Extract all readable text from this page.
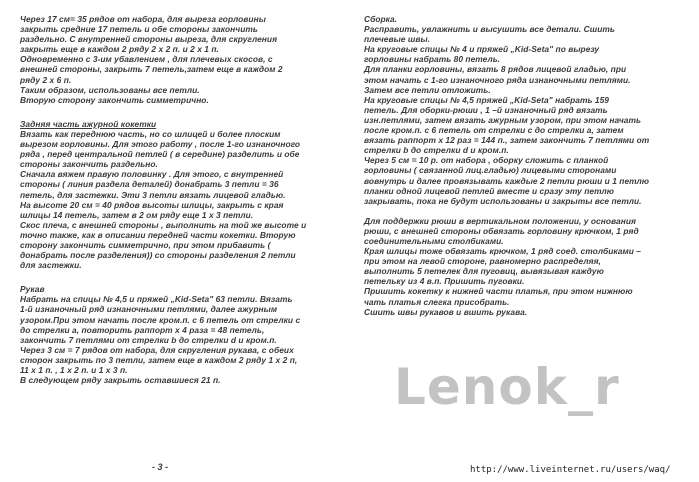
Через 17 см= 35 рядов от набора, для выреза горловины
закрыть средние 17 петель и обе стороны закончить
раздельно. С внутренней стороны выреза, для скругления
закрыть еще в каждом 2 ряду 2 х 2 п. и 2 х 1 п.
Одновременно с 3-им убавлением , для плечевых скосов, с
внешней стороны, закрыть 7 петель,затем еще в каждом 2
ряду 2 х 6 п.
Таким образом, использованы все петли.
Вторую сторону закончить симметрично.
Задняя часть ажурной кокетки
Вязать как переднюю часть, но со шлицей и более плоским
вырезом горловины. Для этого работу , после 1-го изнаночного
ряда , перед центральной петлей ( в середине) разделить и обе
стороны закончить раздельно.
Сначала вяжем правую половинку . Для этого, с внутренней
стороны ( линия раздела деталей) донабрать 3 петли = 36
петель, для застежки. Эти 3 петли вязать лицевой гладью.
На высоте 20 см = 40 рядов высоты шлицы, закрыть с края
шлицы 14 петель, затем в 2 ом ряду еще 1 х 3 петли.
Скос плеча, с внешней стороны , выполнить на той же высоте и
точно также, как в описании передней части кокетки. Вторую
сторону закончить симметрично, при этом прибавить (
донабрать после разделения)) со стороны разделения 2 петли
для застежки.
Рукав
Набрать на спицы № 4,5 и пряжей „Kid-Seta" 63 петли. Вязать
1-й изнаночный ряд изнаночными петлями, далее ажурным
узором.При этом начать после кром.п. с 6 петель от стрелки с
до стрелки а, повторить раппорт х 4 раза = 48 петель,
закончить 7 петлями от стрелки b до стрелки d и кром.п.
Через 3 см = 7 рядов от набора, для скругления рукава, с обеих
сторон закрыть по 3 петли, затем еще в каждом 2 ряду 1 х 2 п,
11 х 1 п. , 1 х 2 п. и 1 х 3 п.
В следующем ряду закрыть оставшиеся 21 п.
Сборка.
Расправить, увлажнить и высушить все детали. Сшить
плечевые швы.
На круговые спицы № 4 и пряжей „Kid-Seta" по вырезу
горловины набрать 80 петель.
Для планки горловины, вязать 8 рядов лицевой гладью, при
этом начать с 1-го изнаночного ряда изнаночными петлями.
Затем все петли отложить.
На круговые спицы № 4,5 пряжей „Kid-Seta" набрать 159
петель. Для оборки-рюши , 1 –й изнаночный ряд вязать
изн.петлями, затем вязать ажурным узором, при этом начать
после кром.п. с 6 петель от стрелки с до стрелки a, затем
вязать раппорт х 12 раз = 144 п., затем закончить 7 петлями от
стрелки b до стрелки d и кром.п.
Через 5 см = 10 р. от набора , оборку сложить с планкой
горловины ( связанной лиц.гладью) лицевыми сторонами
вовнутрь и далее провязывать каждые 2 петли рюши и 1 петлю
планки одной лицевой петлей вместе и сразу эту петлю
закрывать, пока не будут использованы и закрыты все петли.
Для поддержки рюши в вертикальном положении, у основания
рюши, с внешней стороны обвязать горловину крючком, 1 ряд
соединительными столбиками.
Края шлицы тоже обвязать крючком, 1 ряд соед. столбиками –
при этом на левой стороне, равномерно распределяя,
выполнить 5 петелек для пуговиц, вывязывая каждую
петельку из 4 в.п. Пришить пуговки.
Пришить кокетку к нижней части платья, при этом нижнюю
чать платья слегка присобрать.
Сшить швы рукавов и вшить рукава.
Lenok_r
- 3 -	http://www.liveinternet.ru/users/waq/
